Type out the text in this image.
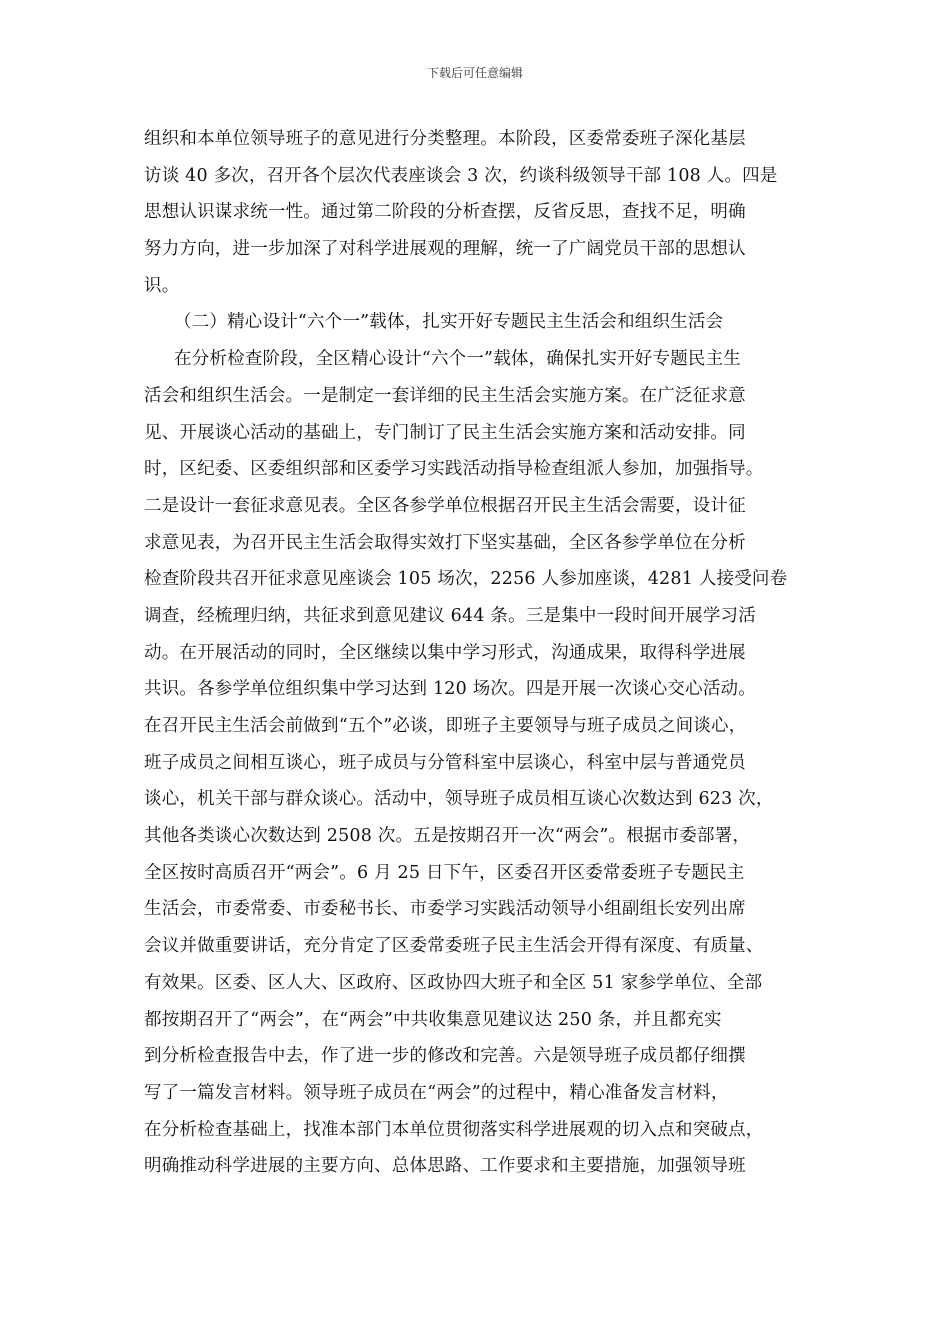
下载后可任意编辑
组织和本单位领导班子的意见进行分类整理。本阶段，区委常委班子深化基层
访谈 40 多次，召开各个层次代表座谈会 3 次，约谈科级领导干部 108 人。四是
思想认识谋求统一性。通过第二阶段的分析查摆，反省反思，查找不足，明确
努力方向，进一步加深了对科学进展观的理解，统一了广阔党员干部的思想认
识。
（二）精心设计“六个一”载体，扎实开好专题民主生活会和组织生活会
在分析检查阶段，全区精心设计“六个一”载体，确保扎实开好专题民主生
活会和组织生活会。一是制定一套详细的民主生活会实施方案。在广泛征求意
见、开展谈心活动的基础上，专门制订了民主生活会实施方案和活动安排。同
时，区纪委、区委组织部和区委学习实践活动指导检查组派人参加，加强指导。
二是设计一套征求意见表。全区各参学单位根据召开民主生活会需要，设计征
求意见表，为召开民主生活会取得实效打下坚实基础，全区各参学单位在分析
检查阶段共召开征求意见座谈会 105 场次，2256 人参加座谈，4281 人接受问卷
调查，经梳理归纳，共征求到意见建议 644 条。三是集中一段时间开展学习活
动。在开展活动的同时，全区继续以集中学习形式，沟通成果，取得科学进展
共识。各参学单位组织集中学习达到 120 场次。四是开展一次谈心交心活动。
在召开民主生活会前做到“五个”必谈，即班子主要领导与班子成员之间谈心，
班子成员之间相互谈心，班子成员与分管科室中层谈心，科室中层与普通党员
谈心，机关干部与群众谈心。活动中，领导班子成员相互谈心次数达到 623 次，
其他各类谈心次数达到 2508 次。五是按期召开一次“两会”。根据市委部署，
全区按时高质召开“两会”。6 月 25 日下午，区委召开区委常委班子专题民主
生活会，市委常委、市委秘书长、市委学习实践活动领导小组副组长安列出席
会议并做重要讲话，充分肯定了区委常委班子民主生活会开得有深度、有质量、
有效果。区委、区人大、区政府、区政协四大班子和全区 51 家参学单位、全部
都按期召开了“两会”，在“两会”中共收集意见建议达 250 条，并且都充实
到分析检查报告中去，作了进一步的修改和完善。六是领导班子成员都仔细撰
写了一篇发言材料。领导班子成员在“两会”的过程中，精心准备发言材料，
在分析检查基础上，找准本部门本单位贯彻落实科学进展观的切入点和突破点，
明确推动科学进展的主要方向、总体思路、工作要求和主要措施，加强领导班
